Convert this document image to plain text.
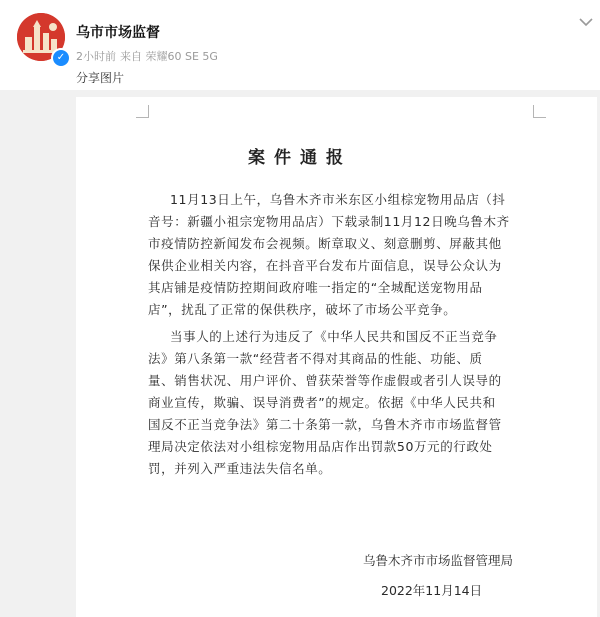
✓
乌市市场监督
2小时前 来自 荣耀60 SE 5G
分享图片
案件通报

11月13日上午，乌鲁木齐市米东区小组棕宠物用品店（抖
音号：新疆小祖宗宠物用品店）下载录制11月12日晚乌鲁木齐
市疫情防控新闻发布会视频。断章取义、刻意删剪、屏蔽其他
保供企业相关内容，在抖音平台发布片面信息，误导公众认为
其店铺是疫情防控期间政府唯一指定的“全城配送宠物用品
店”，扰乱了正常的保供秩序，破坏了市场公平竞争。

当事人的上述行为违反了《中华人民共和国反不正当竞争
法》第八条第一款“经营者不得对其商品的性能、功能、质
量、销售状况、用户评价、曾获荣誉等作虚假或者引人误导的
商业宣传，欺骗、误导消费者”的规定。依据《中华人民共和
国反不正当竞争法》第二十条第一款，乌鲁木齐市市场监督管
理局决定依法对小组棕宠物用品店作出罚款50万元的行政处
罚，并列入严重违法失信名单。

乌鲁木齐市市场监督管理局
2022年11月14日
